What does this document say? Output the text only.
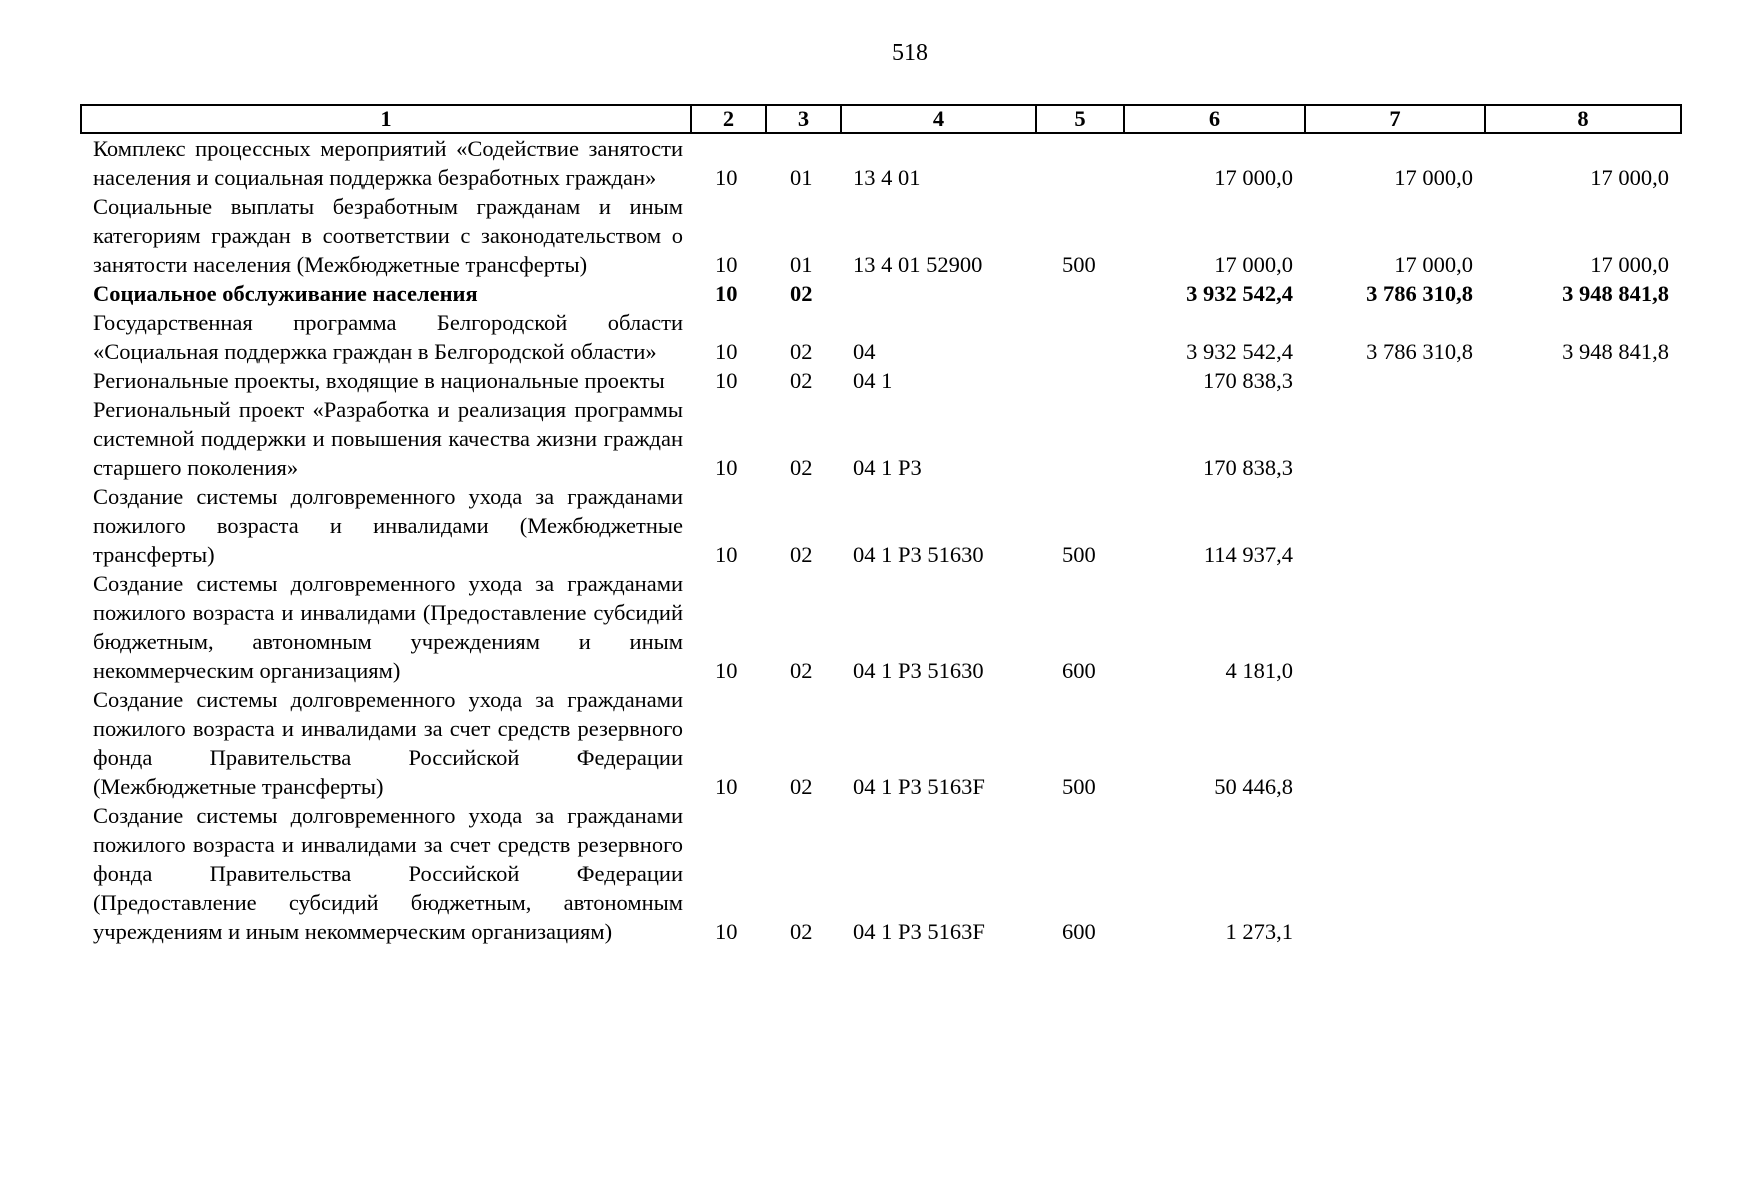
518
1	2	3	4	5	6	7	8
Комплекс процессных мероприятий «Содействие занятости населения и социальная поддержка безработных граждан»	10	01	13 4 01		17 000,0	17 000,0	17 000,0
Социальные выплаты безработным гражданам и иным категориям граждан в соответствии с законодательством о занятости населения (Межбюджетные трансферты)	10	01	13 4 01 52900	500	17 000,0	17 000,0	17 000,0
Социальное обслуживание населения	10	02			3 932 542,4	3 786 310,8	3 948 841,8
Государственная программа Белгородской области «Социальная поддержка граждан в Белгородской области»	10	02	04		3 932 542,4	3 786 310,8	3 948 841,8
Региональные проекты, входящие в национальные проекты	10	02	04 1		170 838,3		
Региональный проект «Разработка и реализация программы системной поддержки и повышения качества жизни граждан старшего поколения»	10	02	04 1 P3		170 838,3		
Создание системы долговременного ухода за гражданами пожилого возраста и инвалидами (Межбюджетные трансферты)	10	02	04 1 P3 51630	500	114 937,4		
Создание системы долговременного ухода за гражданами пожилого возраста и инвалидами (Предоставление субсидий бюджетным, автономным учреждениям и иным некоммерческим организациям)	10	02	04 1 P3 51630	600	4 181,0		
Создание системы долговременного ухода за гражданами пожилого возраста и инвалидами за счет средств резервного фонда Правительства Российской Федерации (Межбюджетные трансферты)	10	02	04 1 P3 5163F	500	50 446,8		
Создание системы долговременного ухода за гражданами пожилого возраста и инвалидами за счет средств резервного фонда Правительства Российской Федерации (Предоставление субсидий бюджетным, автономным учреждениям и иным некоммерческим организациям)	10	02	04 1 P3 5163F	600	1 273,1		
